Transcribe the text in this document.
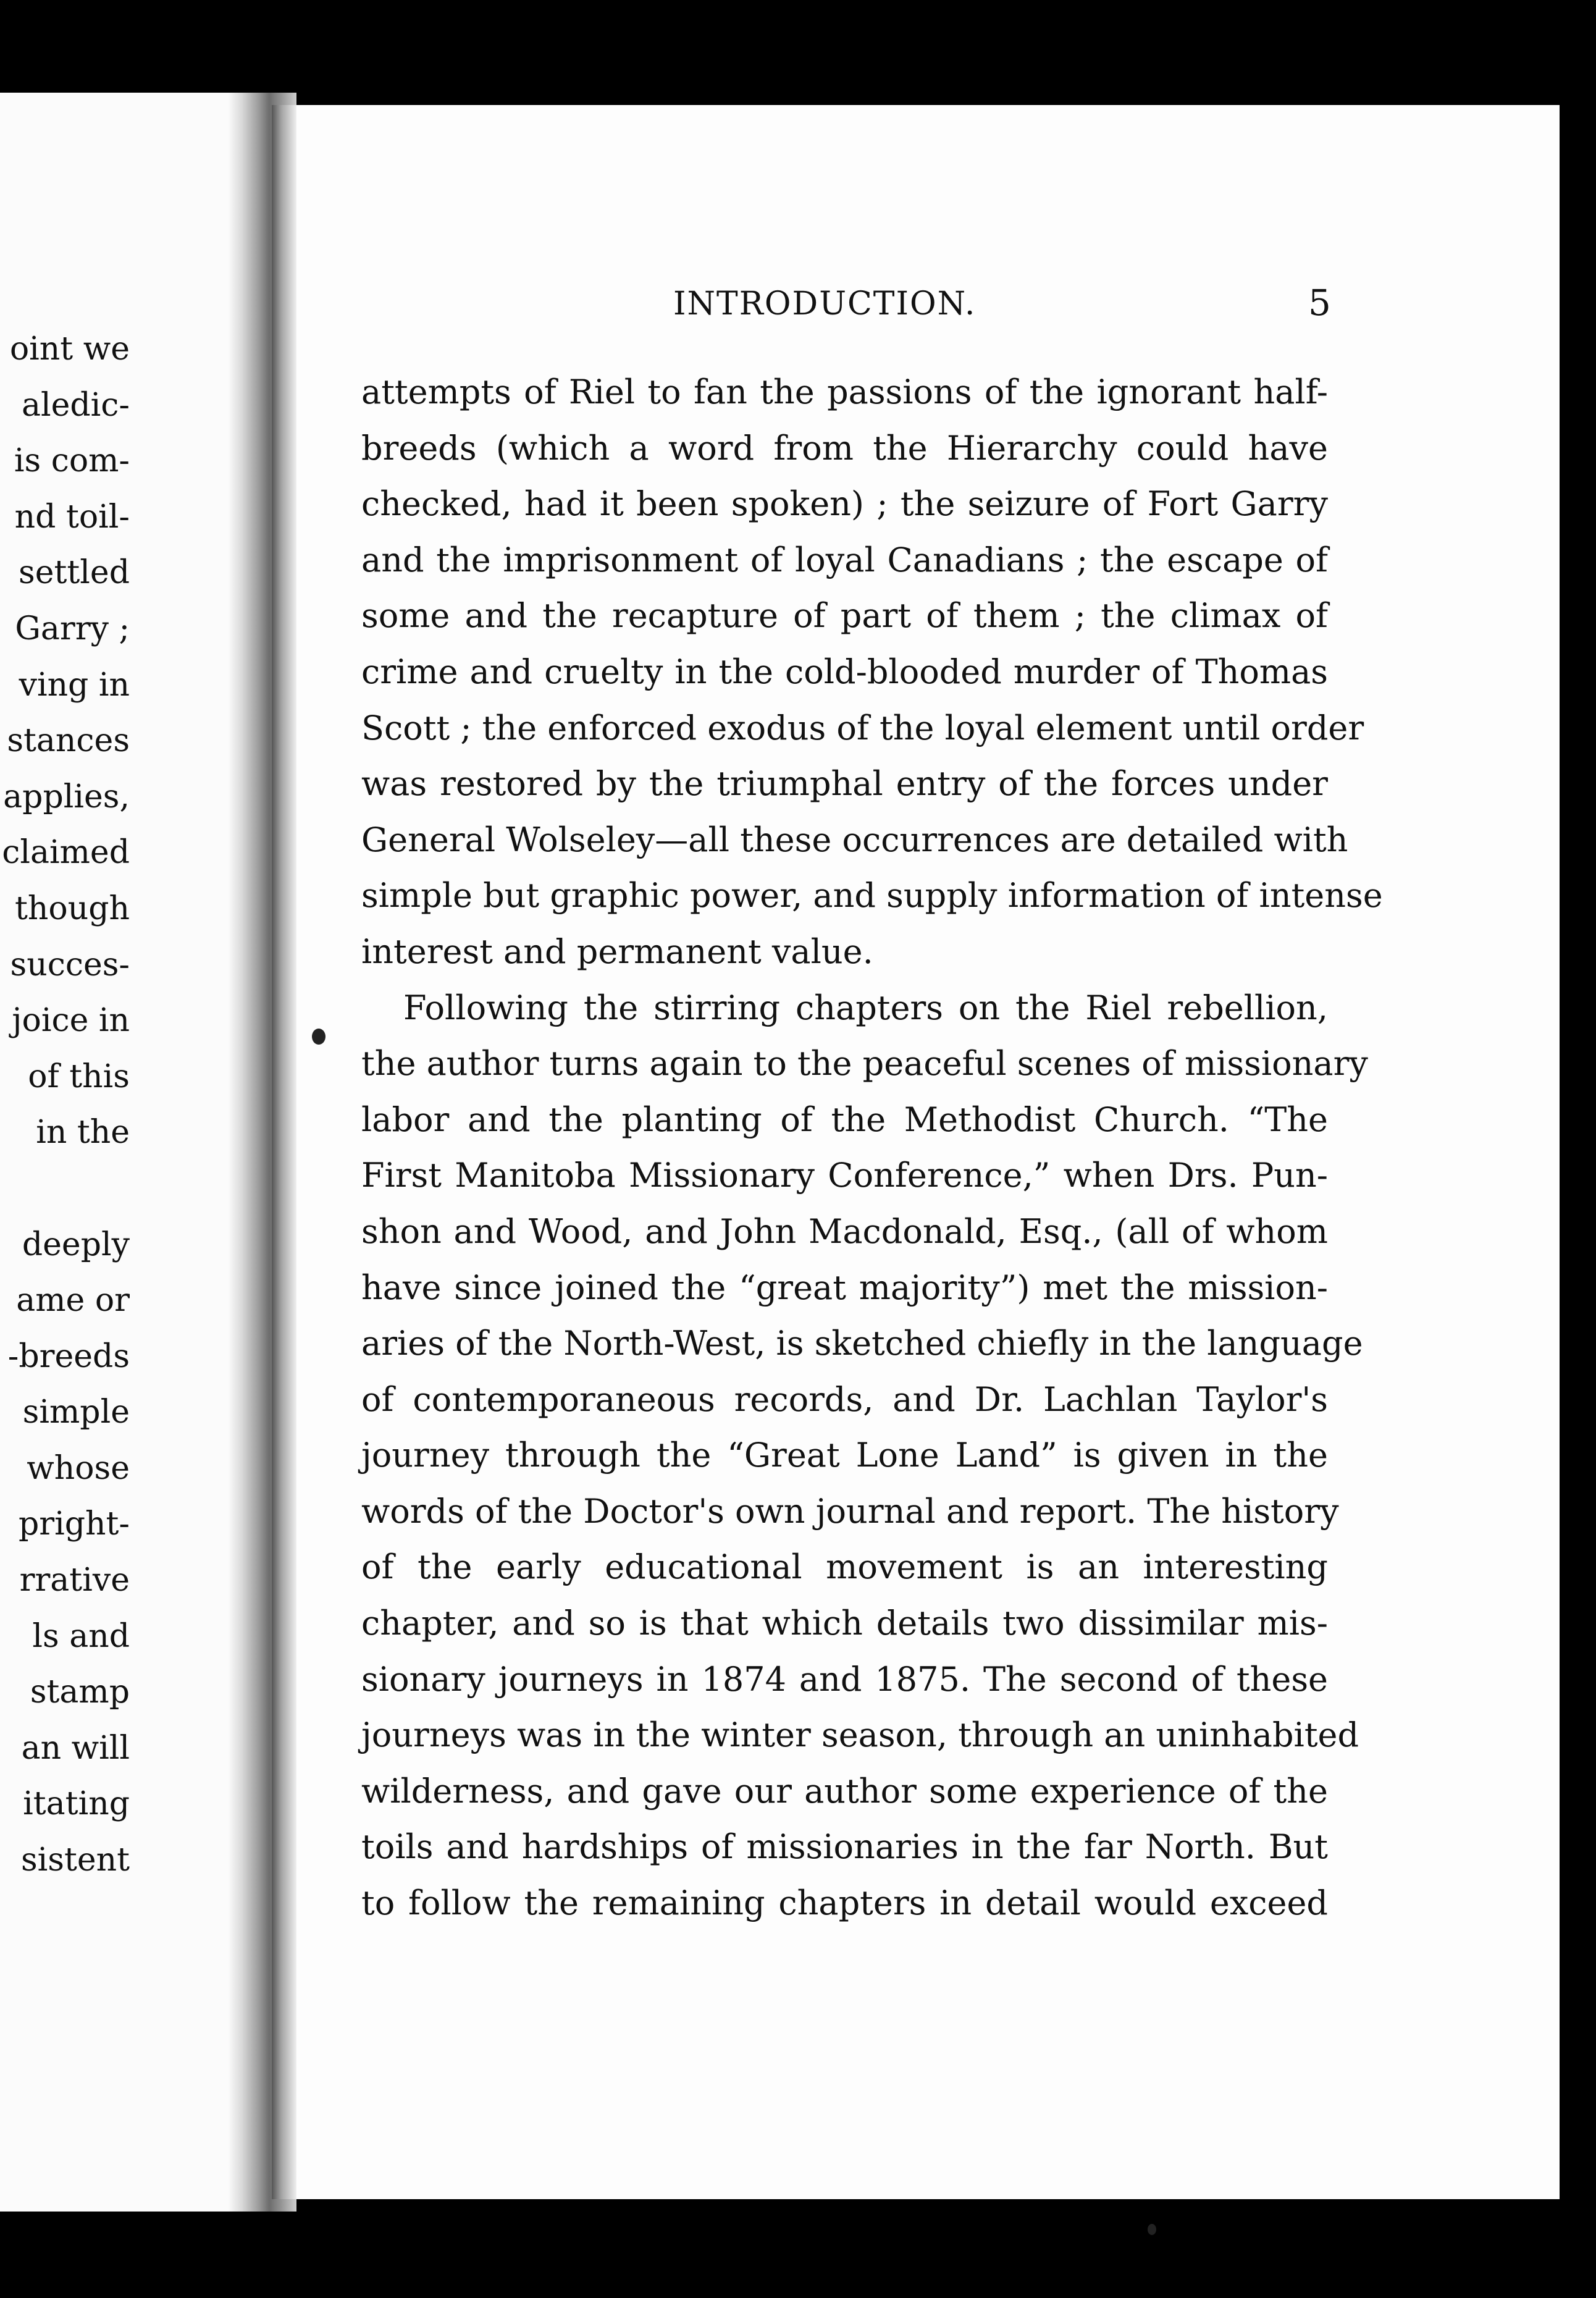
oint we
aledic-
is com-
nd toil-
settled
Garry ;
ving in
stances
applies,
claimed
though
succes-
joice in
of this
in the
deeply
ame or
-breeds
simple
whose
pright-
rrative
ls and
stamp
an will
itating
sistent
INTRODUCTION.	5
attempts of Riel to fan the passions of the ignorant half-
breeds (which a word from the Hierarchy could have
checked, had it been spoken) ; the seizure of Fort Garry
and the imprisonment of loyal Canadians ; the escape of
some and the recapture of part of them ; the climax of
crime and cruelty in the cold-blooded murder of Thomas
Scott ; the enforced exodus of the loyal element until order
was restored by the triumphal entry of the forces under
General Wolseley—all these occurrences are detailed with
simple but graphic power, and supply information of intense
interest and permanent value.
Following the stirring chapters on the Riel rebellion,
the author turns again to the peaceful scenes of missionary
labor and the planting of the Methodist Church. “The
First Manitoba Missionary Conference,” when Drs. Pun-
shon and Wood, and John Macdonald, Esq., (all of whom
have since joined the “great majority”) met the mission-
aries of the North-West, is sketched chiefly in the language
of contemporaneous records, and Dr. Lachlan Taylor's
journey through the “Great Lone Land” is given in the
words of the Doctor's own journal and report. The history
of the early educational movement is an interesting
chapter, and so is that which details two dissimilar mis-
sionary journeys in 1874 and 1875. The second of these
journeys was in the winter season, through an uninhabited
wilderness, and gave our author some experience of the
toils and hardships of missionaries in the far North. But
to follow the remaining chapters in detail would exceed
